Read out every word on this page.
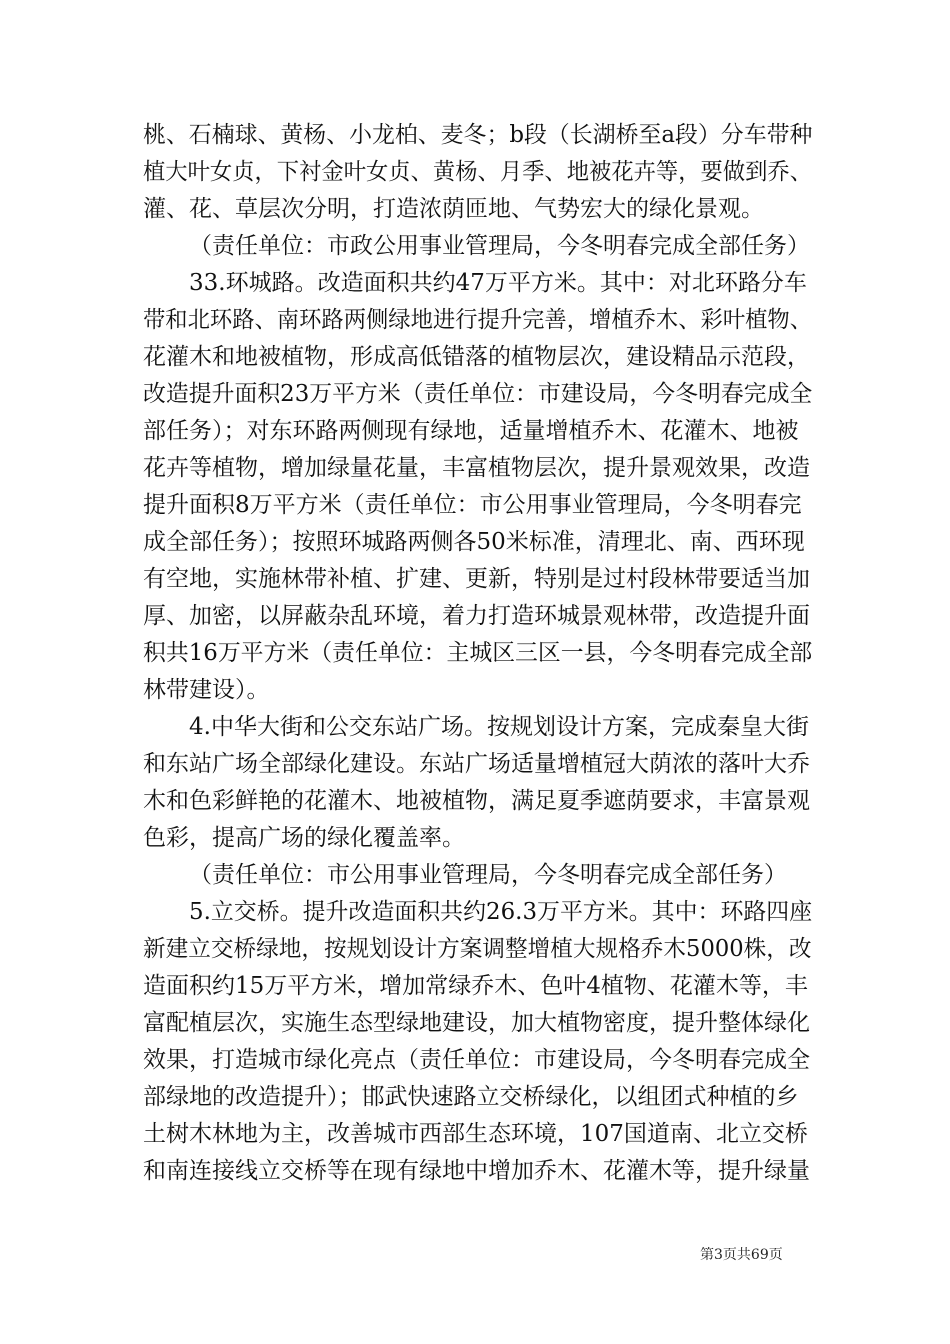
桃、石楠球、黄杨、小龙柏、麦冬；b段（长湖桥至a段）分车带种
植大叶女贞，下衬金叶女贞、黄杨、月季、地被花卉等，要做到乔、
灌、花、草层次分明，打造浓荫匝地、气势宏大的绿化景观。
（责任单位：市政公用事业管理局，今冬明春完成全部任务）
33.环城路。改造面积共约47万平方米。其中：对北环路分车
带和北环路、南环路两侧绿地进行提升完善，增植乔木、彩叶植物、
花灌木和地被植物，形成高低错落的植物层次，建设精品示范段，
改造提升面积23万平方米（责任单位：市建设局，今冬明春完成全
部任务）；对东环路两侧现有绿地，适量增植乔木、花灌木、地被
花卉等植物，增加绿量花量，丰富植物层次，提升景观效果，改造
提升面积8万平方米（责任单位：市公用事业管理局，今冬明春完
成全部任务）；按照环城路两侧各50米标准，清理北、南、西环现
有空地，实施林带补植、扩建、更新，特别是过村段林带要适当加
厚、加密，以屏蔽杂乱环境，着力打造环城景观林带，改造提升面
积共16万平方米（责任单位：主城区三区一县，今冬明春完成全部
林带建设）。
4.中华大街和公交东站广场。按规划设计方案，完成秦皇大街
和东站广场全部绿化建设。东站广场适量增植冠大荫浓的落叶大乔
木和色彩鲜艳的花灌木、地被植物，满足夏季遮荫要求，丰富景观
色彩，提高广场的绿化覆盖率。
（责任单位：市公用事业管理局，今冬明春完成全部任务）
5.立交桥。提升改造面积共约26.3万平方米。其中：环路四座
新建立交桥绿地，按规划设计方案调整增植大规格乔木5000株，改
造面积约15万平方米，增加常绿乔木、色叶4植物、花灌木等，丰
富配植层次，实施生态型绿地建设，加大植物密度，提升整体绿化
效果，打造城市绿化亮点（责任单位：市建设局，今冬明春完成全
部绿地的改造提升）；邯武快速路立交桥绿化，以组团式种植的乡
土树木林地为主，改善城市西部生态环境，107国道南、北立交桥
和南连接线立交桥等在现有绿地中增加乔木、花灌木等，提升绿量
第3页共69页
